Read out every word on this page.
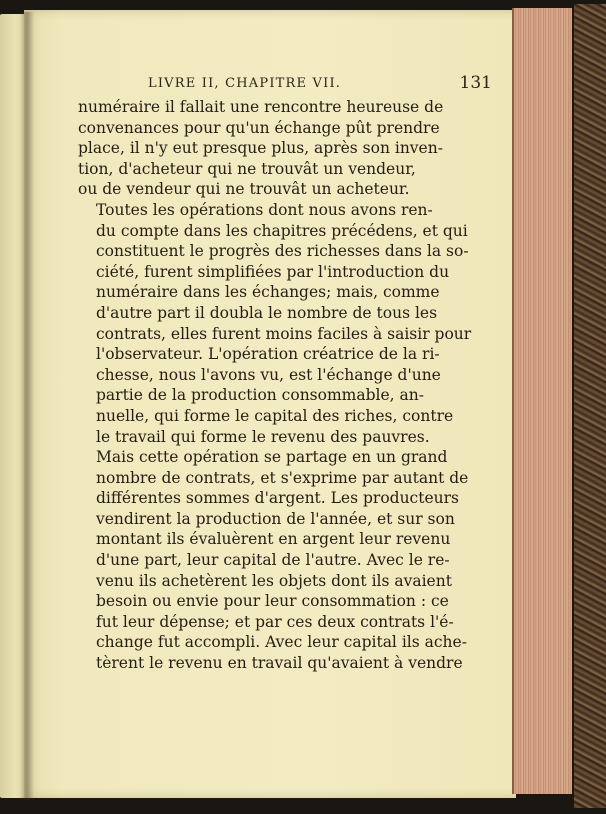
LIVRE II, CHAPITRE VII.	131

numéraire il fallait une rencontre heureuse de
convenances pour qu'un échange pût prendre
place, il n'y eut presque plus, après son inven-
tion, d'acheteur qui ne trouvât un vendeur,
ou de vendeur qui ne trouvât un acheteur.

Toutes les opérations dont nous avons ren-
du compte dans les chapitres précédens, et qui
constituent le progrès des richesses dans la so-
ciété, furent simplifiées par l'introduction du
numéraire dans les échanges; mais, comme
d'autre part il doubla le nombre de tous les
contrats, elles furent moins faciles à saisir pour
l'observateur. L'opération créatrice de la ri-
chesse, nous l'avons vu, est l'échange d'une
partie de la production consommable, an-
nuelle, qui forme le capital des riches, contre
le travail qui forme le revenu des pauvres.
Mais cette opération se partage en un grand
nombre de contrats, et s'exprime par autant de
différentes sommes d'argent. Les producteurs
vendirent la production de l'année, et sur son
montant ils évaluèrent en argent leur revenu
d'une part, leur capital de l'autre. Avec le re-
venu ils achetèrent les objets dont ils avaient
besoin ou envie pour leur consommation : ce
fut leur dépense; et par ces deux contrats l'é-
change fut accompli. Avec leur capital ils ache-
tèrent le revenu en travail qu'avaient à vendre
